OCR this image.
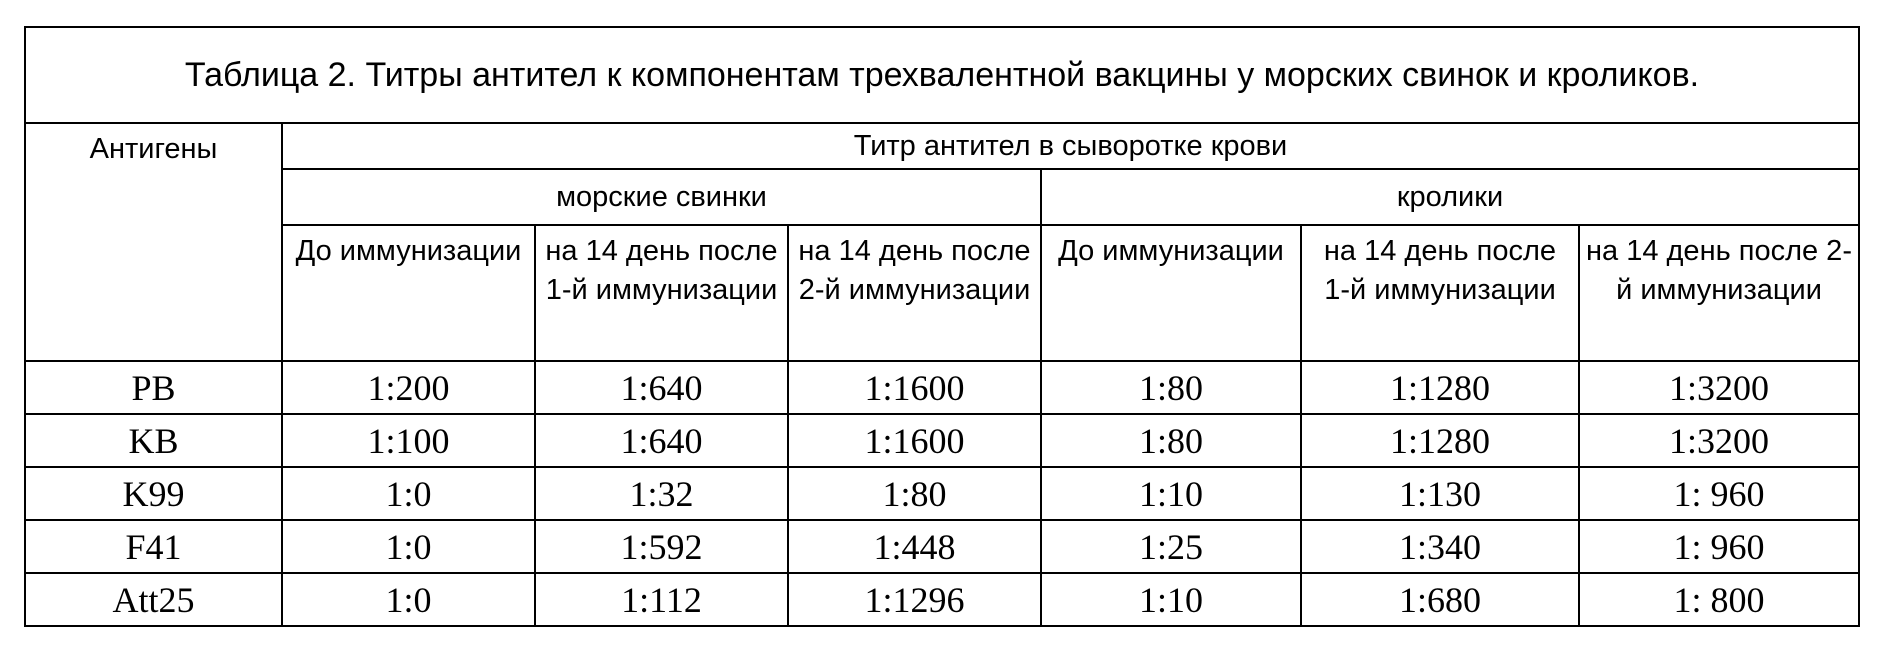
Таблица 2. Титры антител к компонентам трехвалентной вакцины у морских свинок и кроликов.						
Антигены	Титр антител в сыворотке крови					
	морские свинки			кролики		
	До иммунизации	на 14 день после 1-й иммунизации	на 14 день после 2-й иммунизации	До иммунизации	на 14 день после 1-й иммунизации	на 14 день после 2-й иммунизации
PB	1:200	1:640	1:1600	1:80	1:1280	1:3200
KB	1:100	1:640	1:1600	1:80	1:1280	1:3200
K99	1:0	1:32	1:80	1:10	1:130	1: 960
F41	1:0	1:592	1:448	1:25	1:340	1: 960
Att25	1:0	1:112	1:1296	1:10	1:680	1: 800
